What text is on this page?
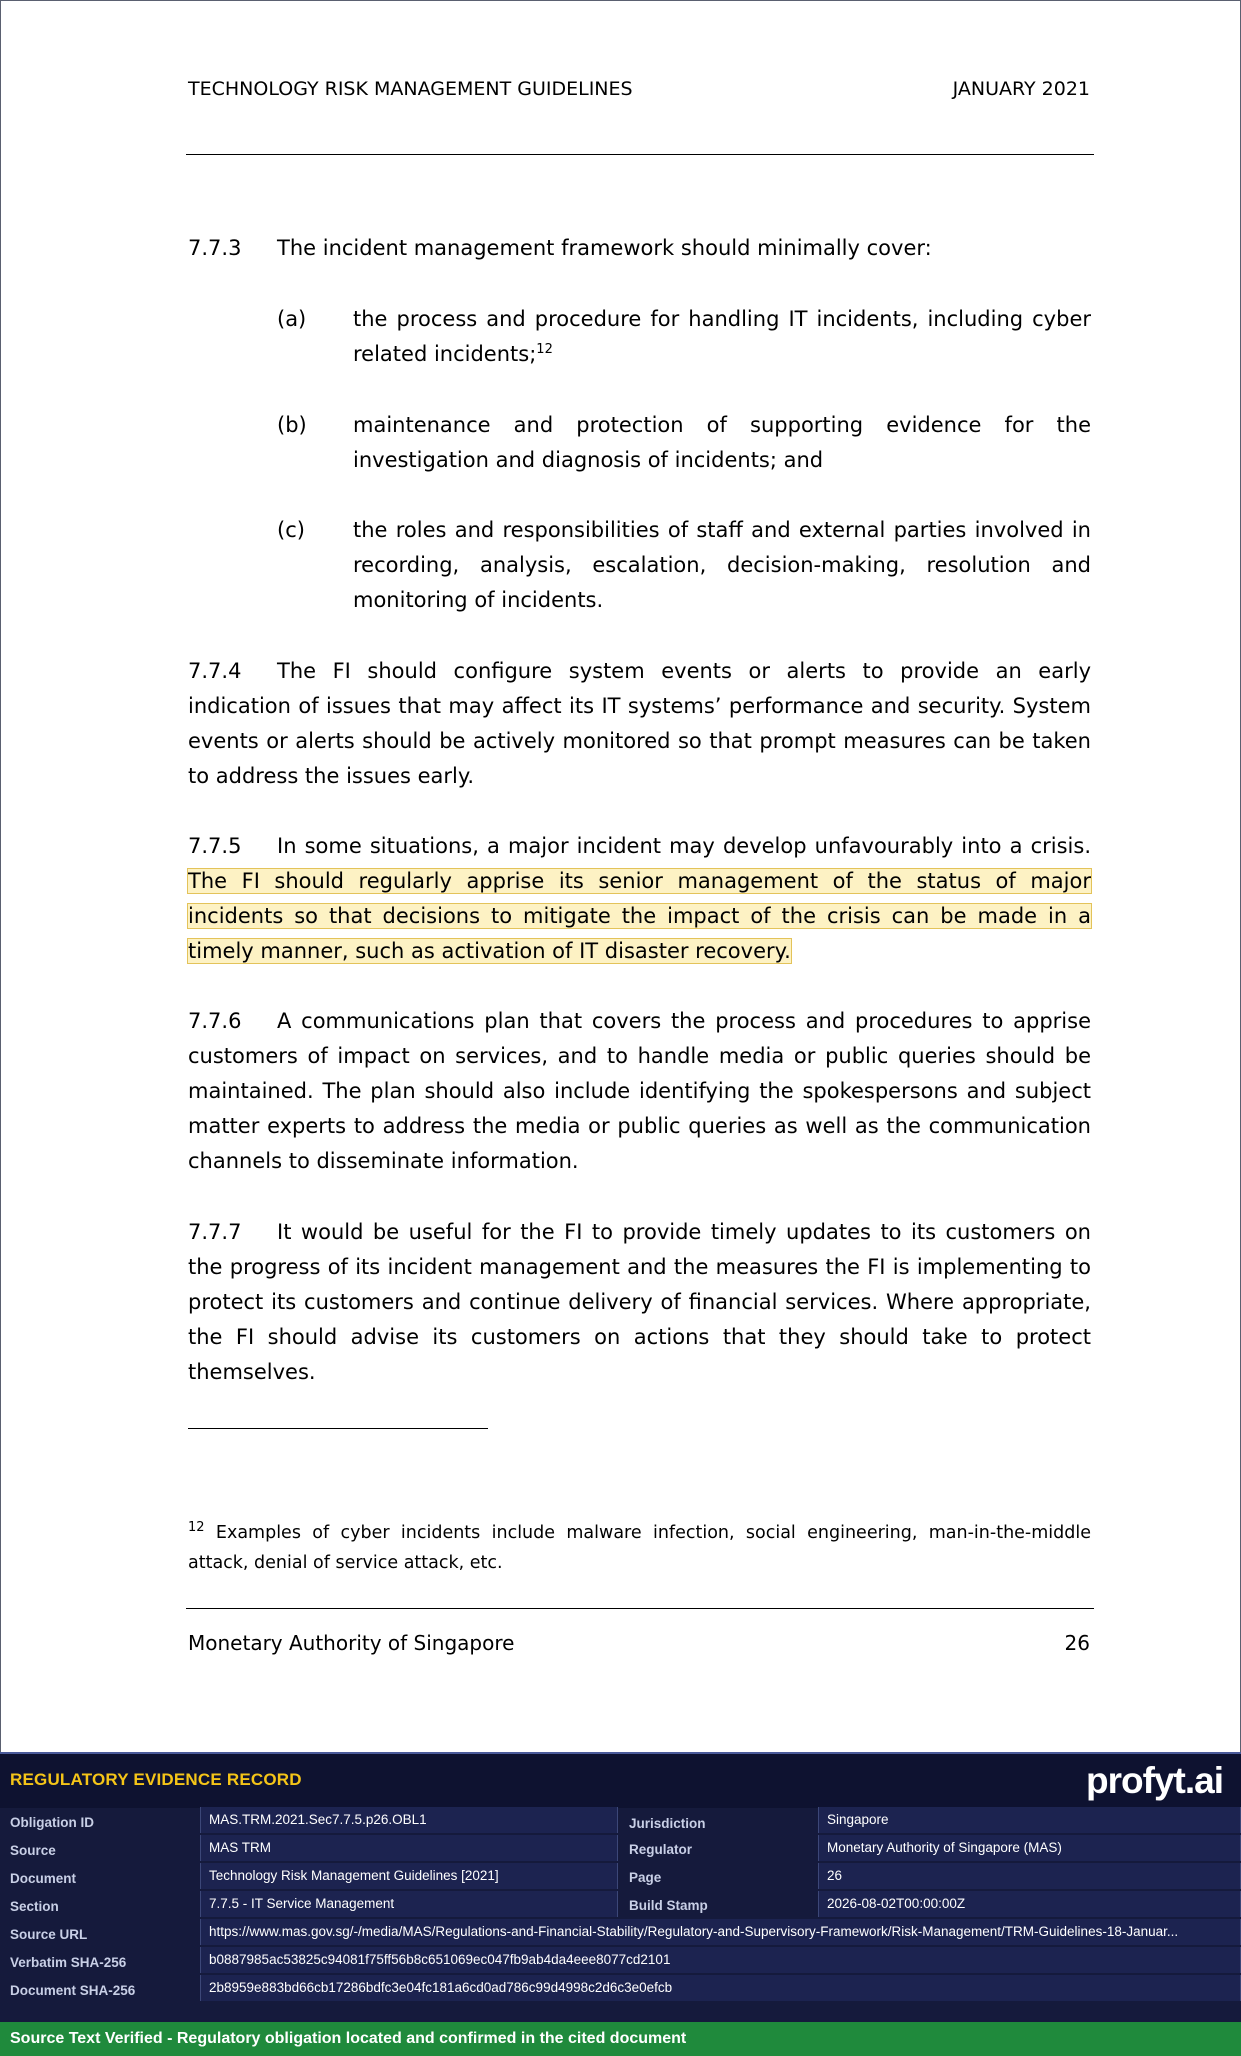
TECHNOLOGY RISK MANAGEMENT GUIDELINES	JANUARY 2021
7.7.3 The incident management framework should minimally cover:
(a) the process and procedure for handling IT incidents, including cyber related incidents;$^{12}$
(b) maintenance and protection of supporting evidence for the investigation and diagnosis of incidents; and
(c) the roles and responsibilities of staff and external parties involved in recording, analysis, escalation, decision-making, resolution and monitoring of incidents.
7.7.4 The FI should configure system events or alerts to provide an early indication of issues that may affect its IT systems’ performance and security. System events or alerts should be actively monitored so that prompt measures can be taken to address the issues early.
7.7.5 In some situations, a major incident may develop unfavourably into a crisis. The FI should regularly apprise its senior management of the status of major incidents so that decisions to mitigate the impact of the crisis can be made in a timely manner, such as activation of IT disaster recovery.
7.7.6 A communications plan that covers the process and procedures to apprise customers of impact on services, and to handle media or public queries should be maintained. The plan should also include identifying the spokespersons and subject matter experts to address the media or public queries as well as the communication channels to disseminate information.
7.7.7 It would be useful for the FI to provide timely updates to its customers on the progress of its incident management and the measures the FI is implementing to protect its customers and continue delivery of financial services. Where appropriate, the FI should advise its customers on actions that they should take to protect themselves.
$^{12}$ Examples of cyber incidents include malware infection, social engineering, man-in-the-middle attack, denial of service attack, etc.
Monetary Authority of Singapore	26
REGULATORY EVIDENCE RECORD	profyt.ai
Obligation ID	MAS.TRM.2021.Sec7.7.5.p26.OBL1	Jurisdiction	Singapore
Source	MAS TRM	Regulator	Monetary Authority of Singapore (MAS)
Document	Technology Risk Management Guidelines [2021]	Page	26
Section	7.7.5 - IT Service Management	Build Stamp	2026-08-02T00:00:00Z
Source URL	https://www.mas.gov.sg/-/media/MAS/Regulations-and-Financial-Stability/Regulatory-and-Supervisory-Framework/Risk-Management/TRM-Guidelines-18-Januar...
Verbatim SHA-256	b0887985ac53825c94081f75ff56b8c651069ec047fb9ab4da4eee8077cd2101
Document SHA-256	2b8959e883bd66cb17286bdfc3e04fc181a6cd0ad786c99d4998c2d6c3e0efcb
Source Text Verified - Regulatory obligation located and confirmed in the cited document
